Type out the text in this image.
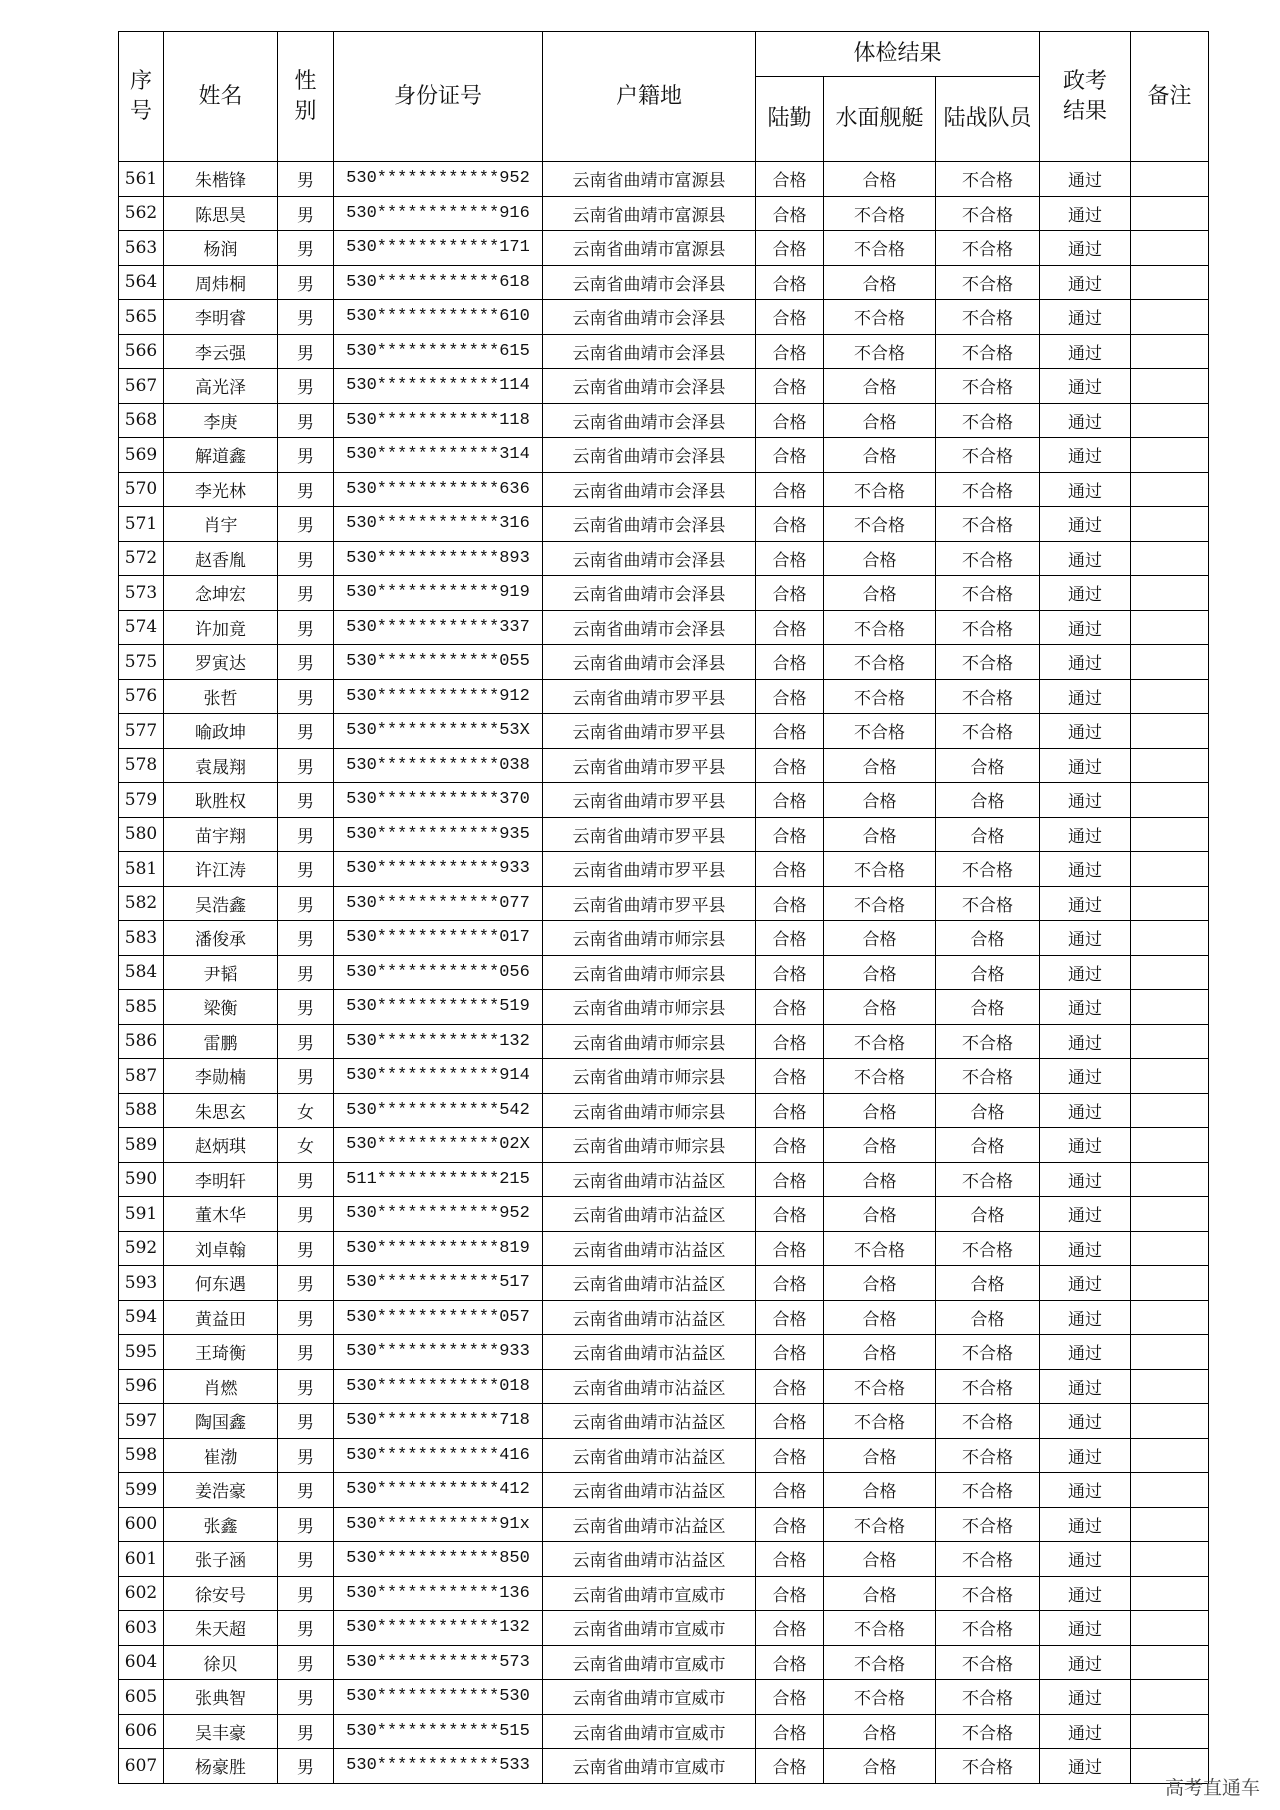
序号	姓名	性别	身份证号	户籍地	体检结果			政考结果	备注
					陆勤	水面舰艇	陆战队员		
561	朱楷锋	男	530************952	云南省曲靖市富源县	合格	合格	不合格	通过	
562	陈思昊	男	530************916	云南省曲靖市富源县	合格	不合格	不合格	通过	
563	杨润	男	530************171	云南省曲靖市富源县	合格	不合格	不合格	通过	
564	周炜桐	男	530************618	云南省曲靖市会泽县	合格	合格	不合格	通过	
565	李明睿	男	530************610	云南省曲靖市会泽县	合格	不合格	不合格	通过	
566	李云强	男	530************615	云南省曲靖市会泽县	合格	不合格	不合格	通过	
567	高光泽	男	530************114	云南省曲靖市会泽县	合格	合格	不合格	通过	
568	李庚	男	530************118	云南省曲靖市会泽县	合格	合格	不合格	通过	
569	解道鑫	男	530************314	云南省曲靖市会泽县	合格	合格	不合格	通过	
570	李光林	男	530************636	云南省曲靖市会泽县	合格	不合格	不合格	通过	
571	肖宇	男	530************316	云南省曲靖市会泽县	合格	不合格	不合格	通过	
572	赵香胤	男	530************893	云南省曲靖市会泽县	合格	合格	不合格	通过	
573	念坤宏	男	530************919	云南省曲靖市会泽县	合格	合格	不合格	通过	
574	许加竟	男	530************337	云南省曲靖市会泽县	合格	不合格	不合格	通过	
575	罗寅达	男	530************055	云南省曲靖市会泽县	合格	不合格	不合格	通过	
576	张哲	男	530************912	云南省曲靖市罗平县	合格	不合格	不合格	通过	
577	喻政坤	男	530************53X	云南省曲靖市罗平县	合格	不合格	不合格	通过	
578	袁晟翔	男	530************038	云南省曲靖市罗平县	合格	合格	合格	通过	
579	耿胜权	男	530************370	云南省曲靖市罗平县	合格	合格	合格	通过	
580	苗宇翔	男	530************935	云南省曲靖市罗平县	合格	合格	合格	通过	
581	许江涛	男	530************933	云南省曲靖市罗平县	合格	不合格	不合格	通过	
582	吴浩鑫	男	530************077	云南省曲靖市罗平县	合格	不合格	不合格	通过	
583	潘俊承	男	530************017	云南省曲靖市师宗县	合格	合格	合格	通过	
584	尹韬	男	530************056	云南省曲靖市师宗县	合格	合格	合格	通过	
585	梁衡	男	530************519	云南省曲靖市师宗县	合格	合格	合格	通过	
586	雷鹏	男	530************132	云南省曲靖市师宗县	合格	不合格	不合格	通过	
587	李勋楠	男	530************914	云南省曲靖市师宗县	合格	不合格	不合格	通过	
588	朱思玄	女	530************542	云南省曲靖市师宗县	合格	合格	合格	通过	
589	赵炳琪	女	530************02X	云南省曲靖市师宗县	合格	合格	合格	通过	
590	李明轩	男	511************215	云南省曲靖市沾益区	合格	合格	不合格	通过	
591	董木华	男	530************952	云南省曲靖市沾益区	合格	合格	合格	通过	
592	刘卓翰	男	530************819	云南省曲靖市沾益区	合格	不合格	不合格	通过	
593	何东遇	男	530************517	云南省曲靖市沾益区	合格	合格	合格	通过	
594	黄益田	男	530************057	云南省曲靖市沾益区	合格	合格	合格	通过	
595	王琦衡	男	530************933	云南省曲靖市沾益区	合格	合格	不合格	通过	
596	肖燃	男	530************018	云南省曲靖市沾益区	合格	不合格	不合格	通过	
597	陶国鑫	男	530************718	云南省曲靖市沾益区	合格	不合格	不合格	通过	
598	崔渤	男	530************416	云南省曲靖市沾益区	合格	合格	不合格	通过	
599	姜浩豪	男	530************412	云南省曲靖市沾益区	合格	合格	不合格	通过	
600	张鑫	男	530************91x	云南省曲靖市沾益区	合格	不合格	不合格	通过	
601	张子涵	男	530************850	云南省曲靖市沾益区	合格	合格	不合格	通过	
602	徐安号	男	530************136	云南省曲靖市宣威市	合格	合格	不合格	通过	
603	朱天超	男	530************132	云南省曲靖市宣威市	合格	不合格	不合格	通过	
604	徐贝	男	530************573	云南省曲靖市宣威市	合格	不合格	不合格	通过	
605	张典智	男	530************530	云南省曲靖市宣威市	合格	不合格	不合格	通过	
606	吴丰豪	男	530************515	云南省曲靖市宣威市	合格	合格	不合格	通过	
607	杨豪胜	男	530************533	云南省曲靖市宣威市	合格	合格	不合格	通过	
高考直通车
